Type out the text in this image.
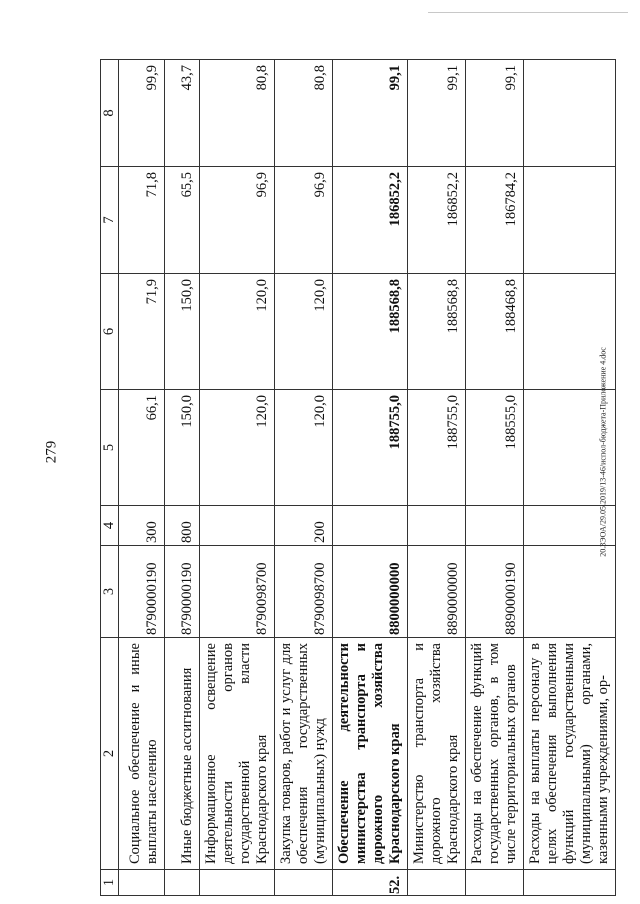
279	20.3ЭОА/29.05.2019/13-46/испол-бюджета-Приложение 4.doc
1	2	3	4	5	6	7	8
	Социальное обеспечение и иные выплаты населению	8790000190	300	66,1	71,9	71,8	99,9
	Иные бюджетные ассигнования	8790000190	800	150,0	150,0	65,5	43,7
	Информационное освещение деятельности органов государственной власти Краснодарского края	8790098700		120,0	120,0	96,9	80,8
	Закупка товаров, работ и услуг для обеспечения государственных (муниципальных) нужд	8790098700	200	120,0	120,0	96,9	80,8
52.	Обеспечение деятельности министерства транспорта и дорожного хозяйства Краснодарского края	8800000000		188755,0	188568,8	186852,2	99,1
	Министерство транспорта и дорожного хозяйства Краснодарского края	8890000000		188755,0	188568,8	186852,2	99,1
	Расходы на обеспечение функций государственных органов, в том числе территориальных органов	8890000190		188555,0	188468,8	186784,2	99,1
	Расходы на выплаты персоналу в целях обеспечения выполнения функций государственными (муниципальными) органами, казенными учреждениями, ор-						
